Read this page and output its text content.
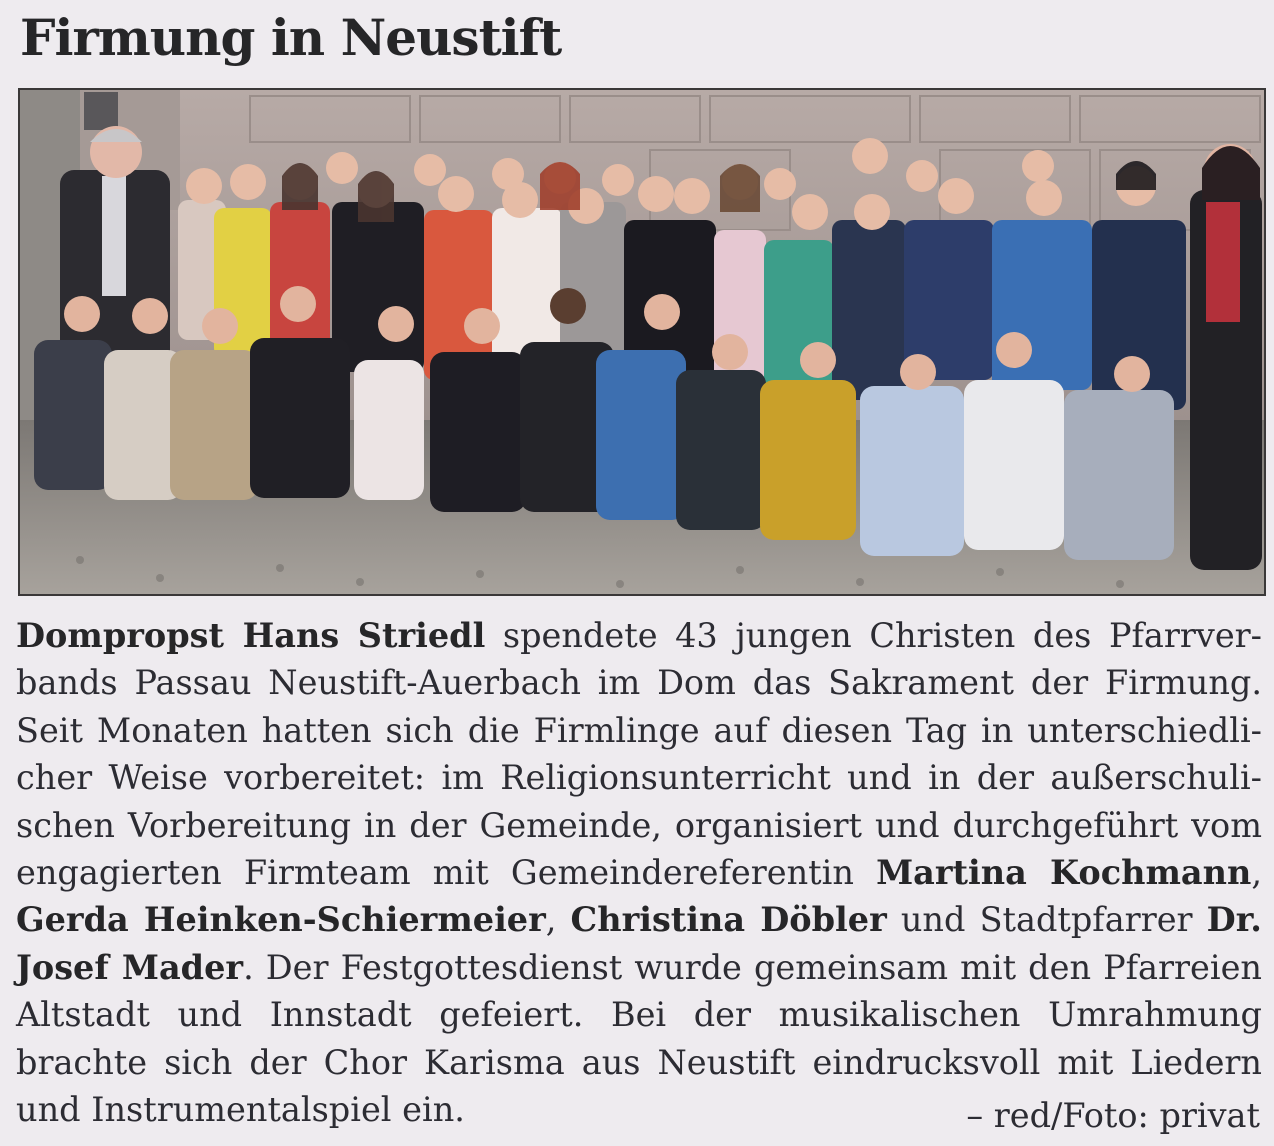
Firmung in Neustift

Dompropst Hans Striedl spendete 43 jungen Christen des Pfarrverbands Passau Neustift-Auerbach im Dom das Sakrament der Firmung. Seit Monaten hatten sich die Firmlinge auf diesen Tag in unterschiedlicher Weise vorbereitet: im Religionsunterricht und in der außerschulischen Vorbereitung in der Gemeinde, organisiert und durchgeführt vom engagierten Firmteam mit Gemeindereferentin Martina Kochmann, Gerda Heinken-Schiermeier, Christina Döbler und Stadtpfarrer Dr. Josef Mader. Der Festgottesdienst wurde gemeinsam mit den Pfarreien Altstadt und Innstadt gefeiert. Bei der musikalischen Umrahmung brachte sich der Chor Karisma aus Neustift eindrucksvoll mit Liedern und Instrumentalspiel ein.	– red/Foto: privat
